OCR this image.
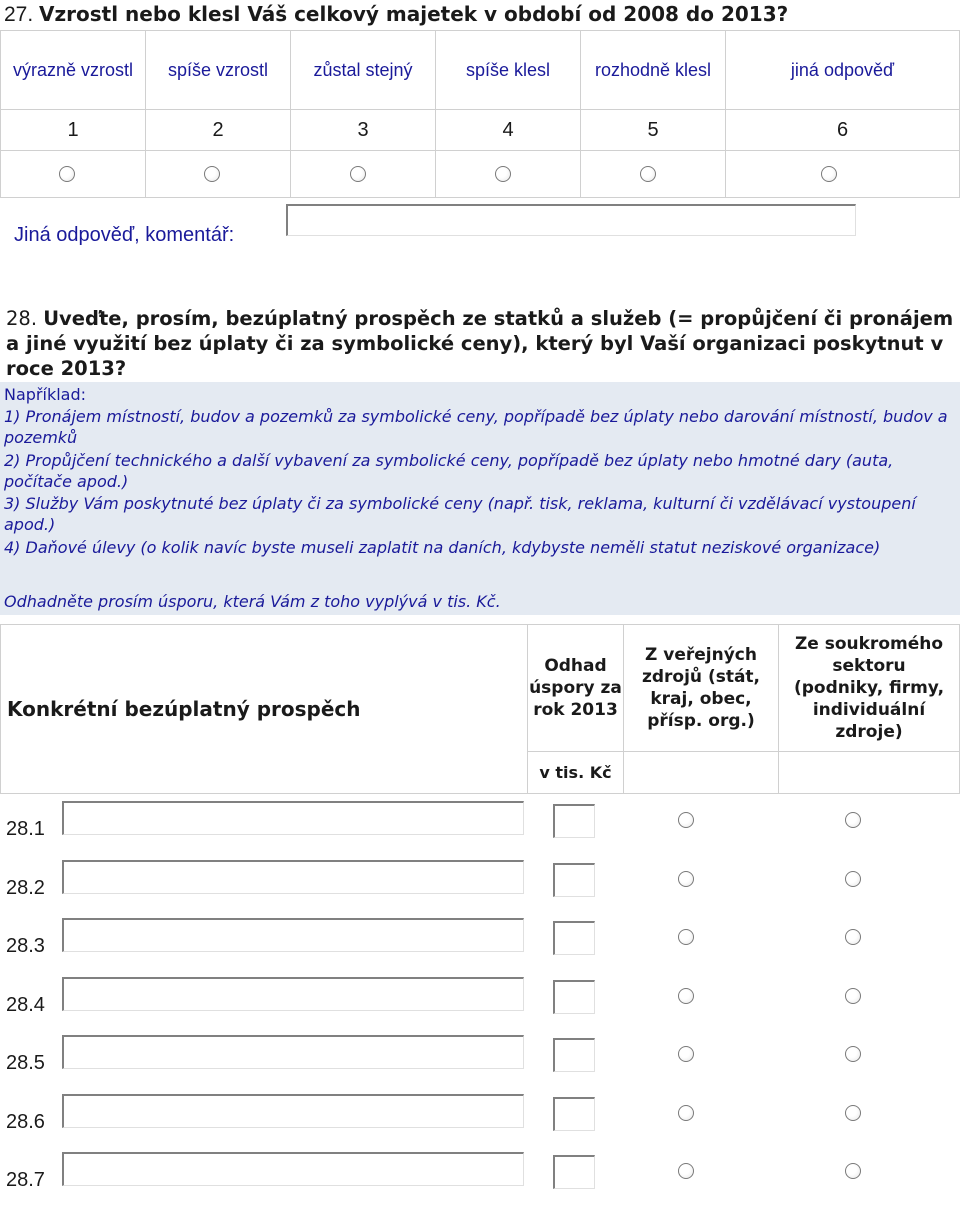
27. Vzrostl nebo klesl Váš celkový majetek v období od 2008 do 2013?
výrazně vzrostl	spíše vzrostl	zůstal stejný	spíše klesl	rozhodně klesl	jiná odpověď
1	2	3	4	5	6

Jiná odpověď, komentář:
28. Uveďte, prosím, bezúplatný prospěch ze statků a služeb (= propůjčení či pronájem a jiné využití bez úplaty či za symbolické ceny), který byl Vaší organizaci poskytnut v roce 2013?
Například:
1) Pronájem místností, budov a pozemků za symbolické ceny, popřípadě bez úplaty nebo darování místností, budov a pozemků
2) Propůjčení technického a další vybavení za symbolické ceny, popřípadě bez úplaty nebo hmotné dary (auta, počítače apod.)
3) Služby Vám poskytnuté bez úplaty či za symbolické ceny (např. tisk, reklama, kulturní či vzdělávací vystoupení apod.)
4) Daňové úlevy (o kolik navíc byste museli zaplatit na daních, kdybyste neměli statut neziskové organizace)
Odhadněte prosím úsporu, která Vám z toho vyplývá v tis. Kč.
Konkrétní bezúplatný prospěch	Odhad úspory za rok 2013	Z veřejných zdrojů (stát, kraj, obec, přísp. org.)	Ze soukromého sektoru (podniky, firmy, individuální zdroje)
	v tis. Kč		
28.1
28.2
28.3
28.4
28.5
28.6
28.7
